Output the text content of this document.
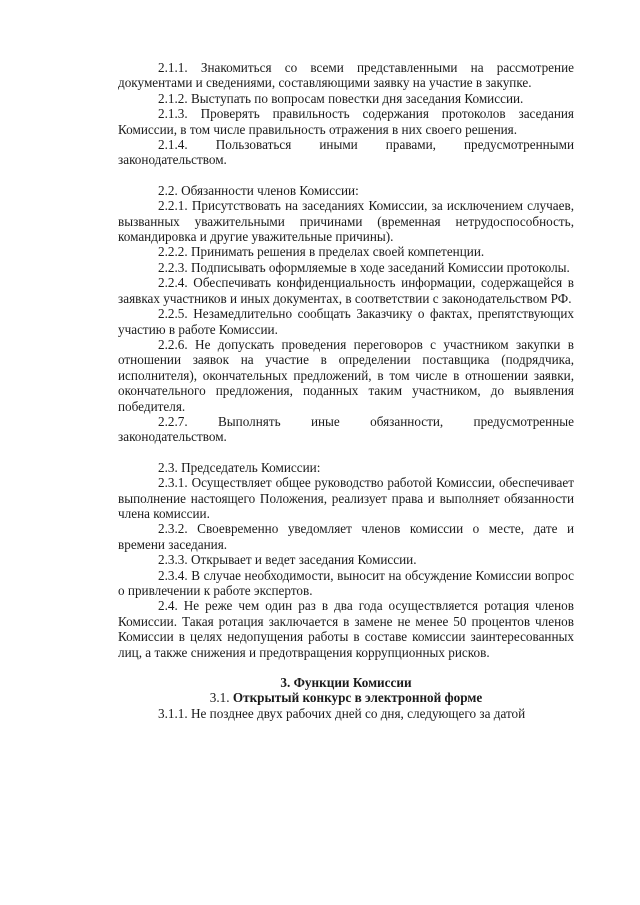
2.1.1. Знакомиться со всеми представленными на рассмотрение документами и сведениями, составляющими заявку на участие в закупке.

2.1.2. Выступать по вопросам повестки дня заседания Комиссии.

2.1.3. Проверять правильность содержания протоколов заседания Комиссии, в том числе правильность отражения в них своего решения.

2.1.4. Пользоваться иными правами, предусмотренными законодательством.

2.2. Обязанности членов Комиссии:

2.2.1. Присутствовать на заседаниях Комиссии, за исключением случаев, вызванных уважительными причинами (временная нетрудоспособность, командировка и другие уважительные причины).

2.2.2. Принимать решения в пределах своей компетенции.

2.2.3. Подписывать оформляемые в ходе заседаний Комиссии протоколы.

2.2.4. Обеспечивать конфиденциальность информации, содержащейся в заявках участников и иных документах, в соответствии с законодательством РФ.

2.2.5. Незамедлительно сообщать Заказчику о фактах, препятствующих участию в работе Комиссии.

2.2.6. Не допускать проведения переговоров с участником закупки в отношении заявок на участие в определении поставщика (подрядчика, исполнителя), окончательных предложений, в том числе в отношении заявки, окончательного предложения, поданных таким участником, до выявления победителя.

2.2.7. Выполнять иные обязанности, предусмотренные законодательством.

2.3. Председатель Комиссии:

2.3.1. Осуществляет общее руководство работой Комиссии, обеспечивает выполнение настоящего Положения, реализует права и выполняет обязанности члена комиссии.

2.3.2. Своевременно уведомляет членов комиссии о месте, дате и времени заседания.

2.3.3. Открывает и ведет заседания Комиссии.

2.3.4. В случае необходимости, выносит на обсуждение Комиссии вопрос о привлечении к работе экспертов.

2.4. Не реже чем один раз в два года осуществляется ротация членов Комиссии. Такая ротация заключается в замене не менее 50 процентов членов Комиссии в целях недопущения работы в составе комиссии заинтересованных лиц, а также снижения и предотвращения коррупционных рисков.

3. Функции Комиссии

3.1. Открытый конкурс в электронной форме

3.1.1. Не позднее двух рабочих дней со дня, следующего за датой
